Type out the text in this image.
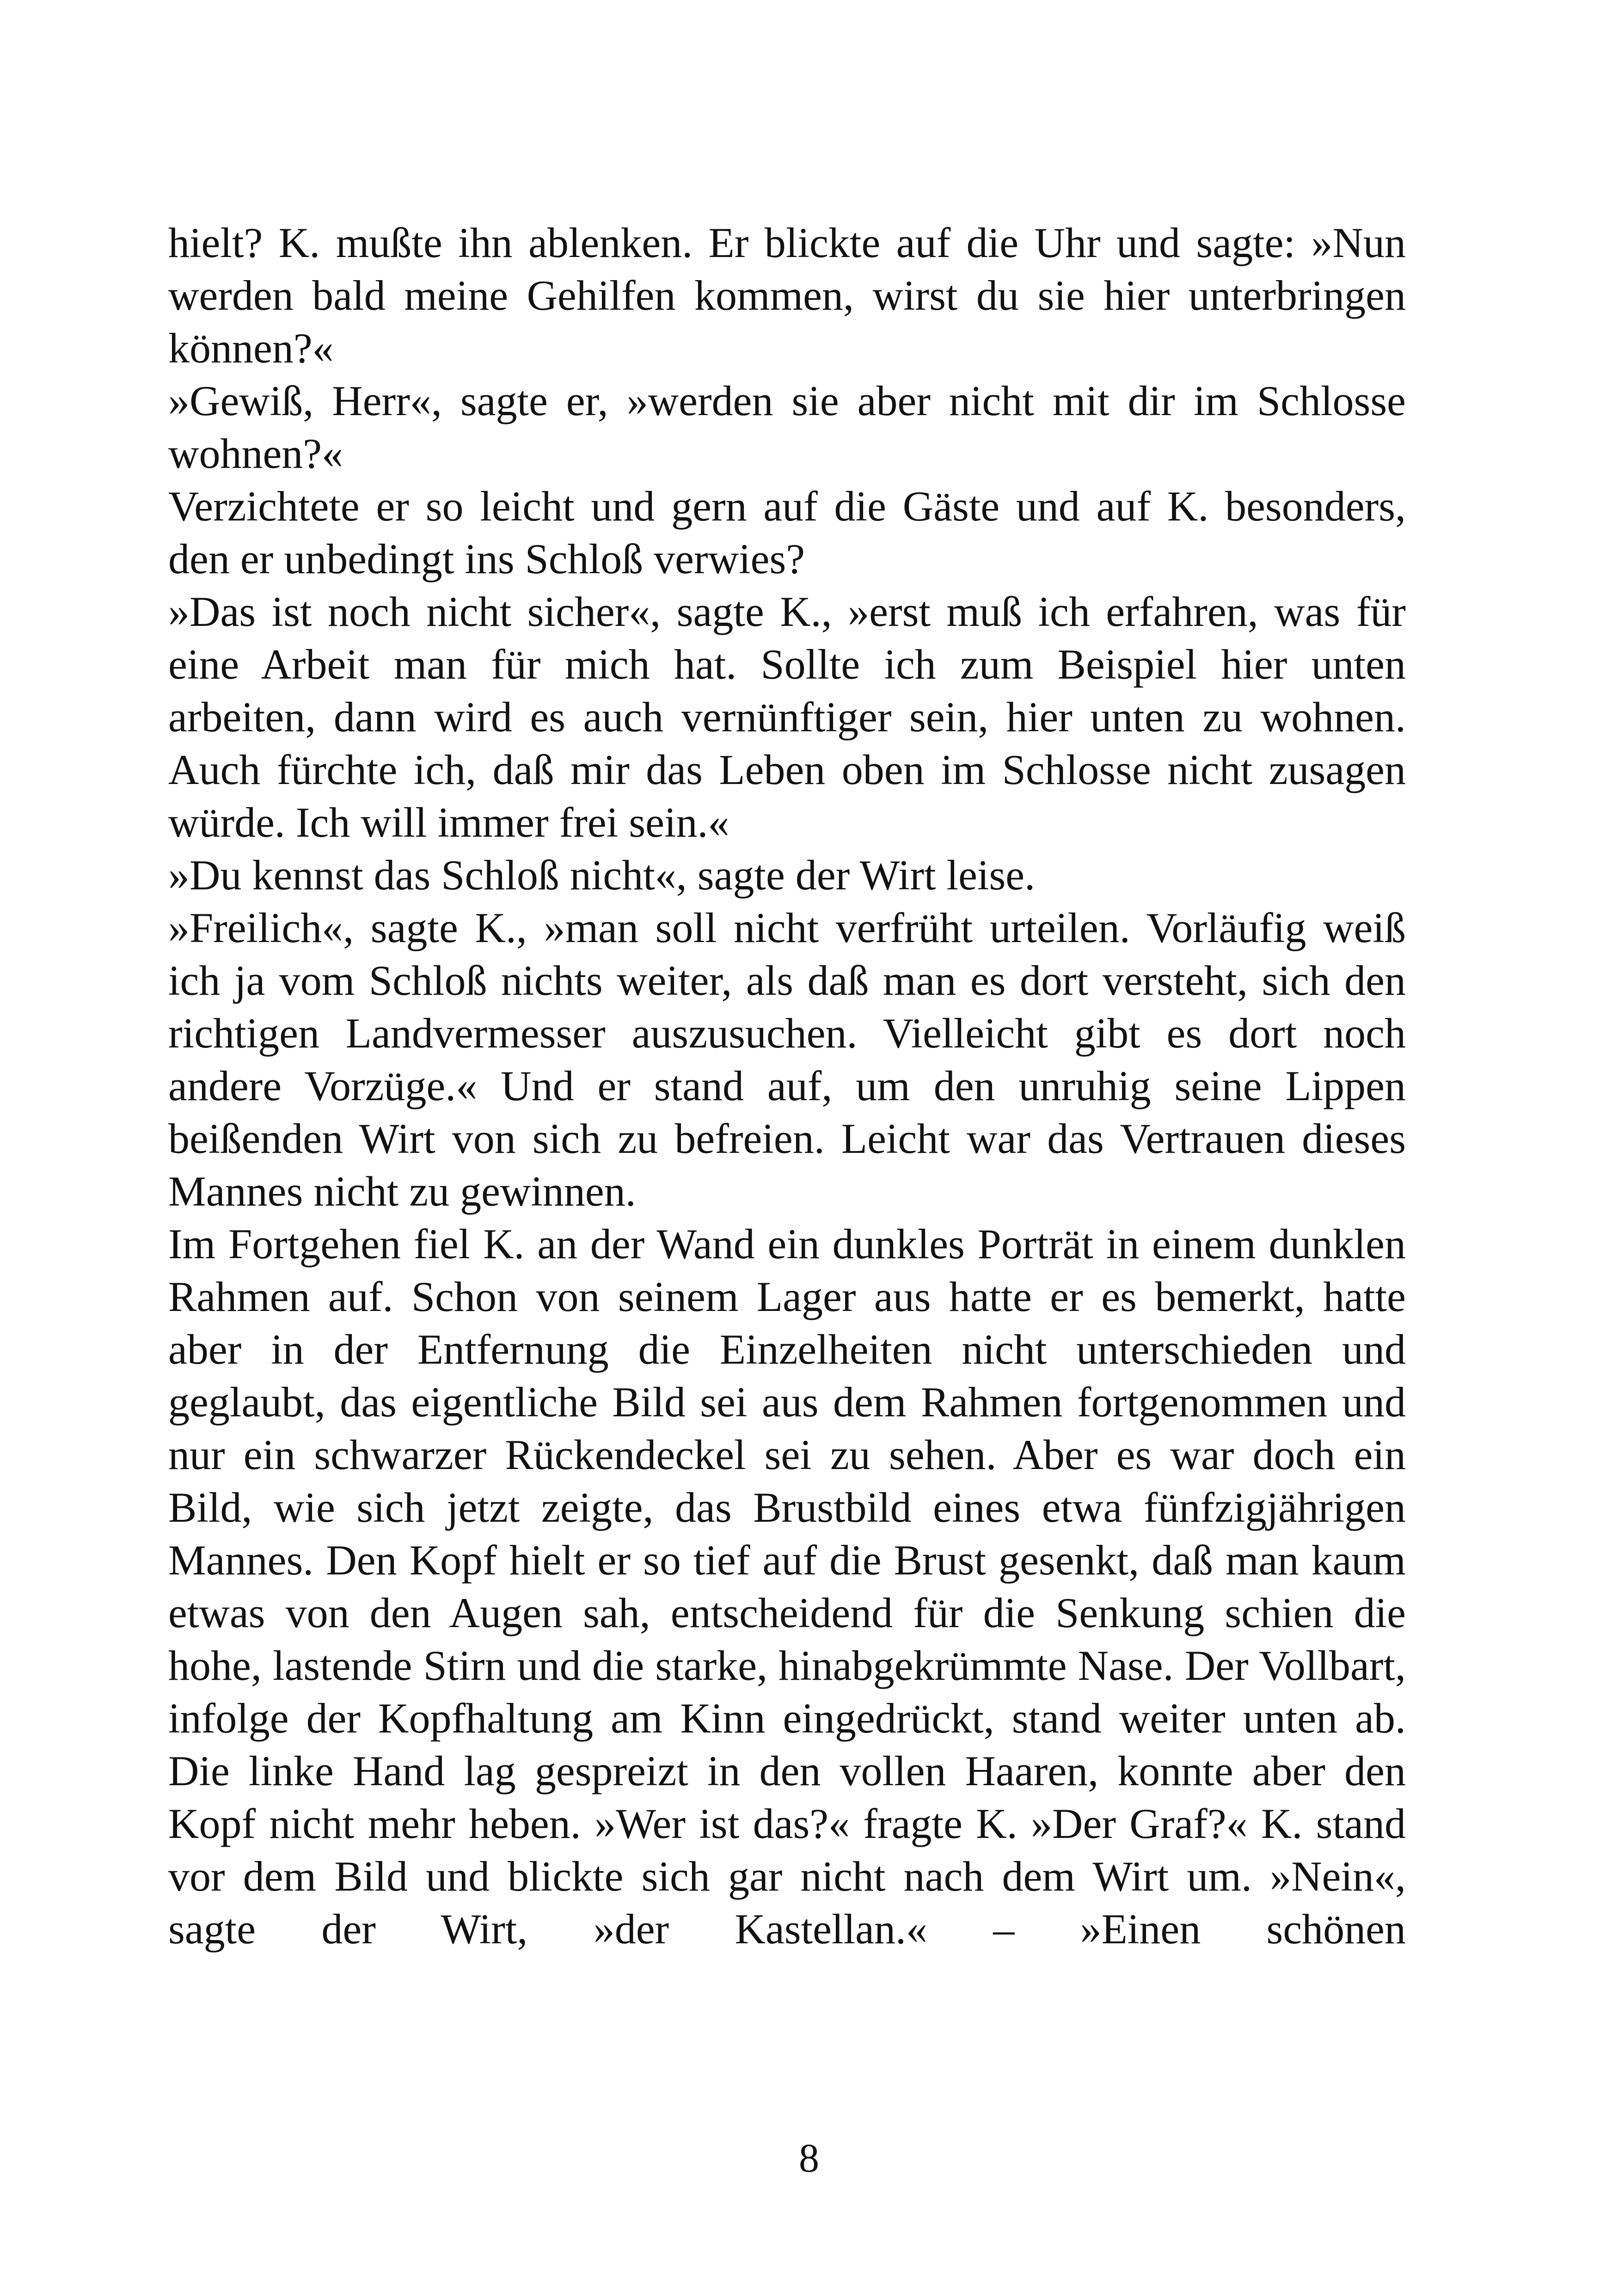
hielt? K. mußte ihn ablenken. Er blickte auf die Uhr und sagte: »Nun werden bald meine Gehilfen kommen, wirst du sie hier unterbringen können?«

»Gewiß, Herr«, sagte er, »werden sie aber nicht mit dir im Schlosse wohnen?«

Verzichtete er so leicht und gern auf die Gäste und auf K. besonders, den er unbedingt ins Schloß verwies?

»Das ist noch nicht sicher«, sagte K., »erst muß ich erfahren, was für eine Arbeit man für mich hat. Sollte ich zum Beispiel hier unten arbeiten, dann wird es auch vernünftiger sein, hier unten zu wohnen. Auch fürchte ich, daß mir das Leben oben im Schlosse nicht zusagen würde. Ich will immer frei sein.«

»Du kennst das Schloß nicht«, sagte der Wirt leise.

»Freilich«, sagte K., »man soll nicht verfrüht urteilen. Vorläufig weiß ich ja vom Schloß nichts weiter, als daß man es dort versteht, sich den richtigen Landvermesser auszusuchen. Vielleicht gibt es dort noch andere Vorzüge.« Und er stand auf, um den unruhig seine Lippen beißenden Wirt von sich zu befreien. Leicht war das Vertrauen dieses Mannes nicht zu gewinnen.

Im Fortgehen fiel K. an der Wand ein dunkles Porträt in einem dunklen Rahmen auf. Schon von seinem Lager aus hatte er es bemerkt, hatte aber in der Entfernung die Einzelheiten nicht unterschieden und geglaubt, das eigentliche Bild sei aus dem Rahmen fortgenommen und nur ein schwarzer Rückendeckel sei zu sehen. Aber es war doch ein Bild, wie sich jetzt zeigte, das Brustbild eines etwa fünfzigjährigen Mannes. Den Kopf hielt er so tief auf die Brust gesenkt, daß man kaum etwas von den Augen sah, entscheidend für die Senkung schien die hohe, lastende Stirn und die starke, hinabgekrümmte Nase. Der Vollbart, infolge der Kopfhaltung am Kinn eingedrückt, stand weiter unten ab. Die linke Hand lag gespreizt in den vollen Haaren, konnte aber den Kopf nicht mehr heben. »Wer ist das?« fragte K. »Der Graf?« K. stand vor dem Bild und blickte sich gar nicht nach dem Wirt um. »Nein«, sagte der Wirt, »der Kastellan.« – »Einen schönen

8
